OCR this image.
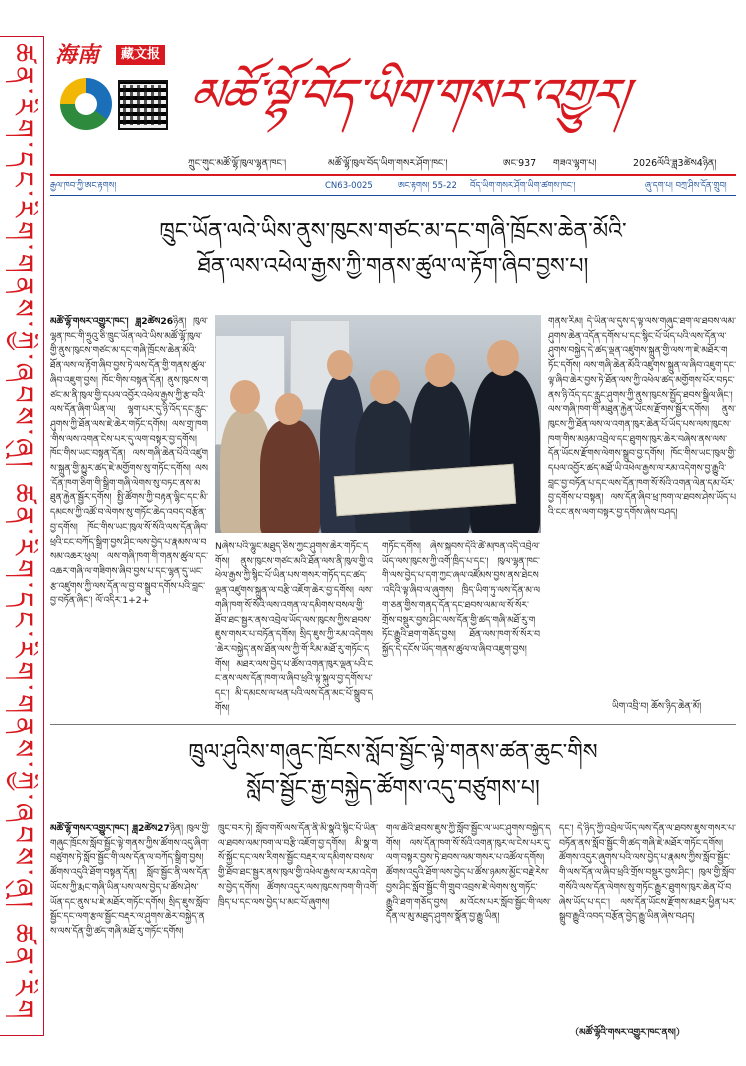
ཚན་རིག་དང་རིག་གནས་ཀྱི་ཞབས་ཞུ། ཚན་རིག་དང་རིག་གནས་ཀྱི་ཞབས་ཞུ། ཚན་རིག 海南	藏文报
མཚོ་ལྷོ་བོད་ཡིག་གསར་འགྱུར།
ཀྲུང་གུང་མཚོ་ལྷོ་ཁུལ་ལྷན་ཁང་།	མཚོ་ལྷོ་ཁུལ་བོད་ཡིག་གསར་ཤོག་ཁང་།	ཨང་937 གཟའ་ལྷག་པ།	2026ལོའི་ཟླ3ཚེས4ཉིན།
རྒྱལ་ཁབ་ཀྱི་ཨང་རྟགས།	CN63-0025	ཨང་རྟགས། 55-22 བོད་ཡིག་གསར་ཤོག་ཡིག་ཚགས་ཁང་།	ཞུ་དག་པ། བཀྲ་ཤིས་དོན་གྲུབ།
ཁྲུང་ཡོན་ལའེ་ཡིས་ནུས་ཁུངས་གཙང་མ་དང་གཞི་ཁྲོངས་ཆེན་མོའི་
ཐོན་ལས་འཕེལ་རྒྱས་ཀྱི་གནས་ཚུལ་ལ་རྟོག་ཞིབ་བྱས་པ།
མཚོ་ལྷོ་གསར་འགྱུར་ཁང་། ཟླ2ཚེས26ཉིན། ཁུལ་ལྷན་ཁང་གི་ཧྲུའུ་ཅི་ཁྲུང་ཡོན་ལའེ་ཡིས་མཚོ་ལྷོ་ཁུལ་གྱི་ནུས་ཁུངས་གཙང་མ་དང་གཞི་ཁྲོངས་ཆེན་མོའི་ཐོན་ལས་ལ་རྟོག་ཞིབ་བྱས་ཏེ་ལས་དོན་གྱི་གནས་ཚུལ་ཞིབ་འཇུག་བྱས། ཁོང་གིས་བསྟན་དོན། ནུས་ཁུངས་གཙང་མ་ནི་ཁུལ་གྱི་དཔལ་འབྱོར་འཕེལ་རྒྱས་ཀྱི་རྩ་བའི་ལས་དོན་ཞིག་ཡིན་ལ། ལྷག་པར་དུ་ཉི་འོད་དང་རླུང་ཤུགས་ཀྱི་ཐོན་ལས་ཇེ་ཆེར་གཏོང་དགོས། ལས་གྲྭ་ཁག་གིས་ལས་འགན་ངེས་པར་དུ་ལག་བསྟར་བྱ་དགོས། ཁོང་གིས་ཡང་བསྟན་དོན། ལས་གཞི་ཆེན་པོའི་འཛུགས་སྐྲུན་གྱི་མྱུར་ཚད་ཇེ་མགྱོགས་སུ་གཏོང་དགོས། ལས་དོན་ཁག་ཅིག་གི་སྒྲིག་གཞི་ལེགས་སུ་བཏང་ནས་མཐུན་རྐྱེན་སྦྱོར་དགོས། སྤྱི་ཚོགས་ཀྱི་བརྟན་ལྷིང་དང་མི་དམངས་ཀྱི་འཚོ་བ་ལེགས་སུ་གཏོང་ཆེད་འབད་བརྩོན་བྱ་དགོས། ཁོང་གིས་ཡང་ཁུལ་སོ་སོའི་ལས་དོན་ཞིབ་ཕྲའི་ངང་བཀོད་སྒྲིག་བྱས་ཤིང་ལས་བྱེད་པ་རྣམས་ལ་བསམ་འཆར་ཕུལ། ལས་གཞི་ཁག་གི་གནས་ཚུལ་དང་འཆར་གཞི་ལ་གཟིགས་ཞིབ་བྱས་པ་དང་ལྷན་དུ་ཡང་རྩ་འཛུགས་ཀྱི་ལས་དོན་ལ་བྱ་བ་སྒྲུབ་དགོས་པའི་བླང་བྱ་བཏོན་ཞིང་། ལོ་འདིར་1+2+
Nཞེས་པའི་ལྷུང་མཐུད་ཅིས་ཀྱང་ཤུགས་ཆེར་གཏོང་དགོས། ནུས་ཁུངས་གཙང་མའི་ཐོན་ལས་ནི་ཁུལ་གྱི་འཕེལ་རྒྱས་ཀྱི་སྙིང་པོ་ཡིན་པས་གསར་གཏོད་དང་ཚད་ལྡན་འཛུགས་སྐྲུན་ལ་བརྩི་འཇོག་ཆེར་བྱ་དགོས། ལས་གཞི་ཁག་སོ་སོའི་ལས་འགན་ལ་དམིགས་བསལ་གྱི་ཐོབ་ཐང་སྦྱར་ནས་འབྲེལ་ཡོད་ལས་ཁུངས་ཀྱིས་ཐབས་ཇུས་གསར་པ་བཏོན་དགོས། སྲིད་ཇུས་ཀྱི་རམ་འདེགས་ཆེར་བསྐྱེད་ནས་ཐོན་ལས་ཀྱི་གོ་རིམ་མཐོ་རུ་གཏོང་དགོས། མཐར་ལས་བྱེད་པ་ཚོས་འགན་ཁུར་ལྡན་པའི་ངང་ནས་ལས་དོན་ཁག་ལ་ཞིབ་ཕྲའི་ལྟ་སྐུལ་བྱ་དགོས་པ་དང་། མི་དམངས་ལ་ཕན་པའི་ལས་དོན་མང་པོ་སྒྲུབ་དགོས།
གཏོང་དགོས། ཞེས་སྐབས་དེའི་ཚེ་མཁན་འདི་འབྲེལ་ཡོད་ལས་ཁུངས་ཀྱི་འགོ་ཁྲིད་པ་དང་། ཁུལ་ལྷན་ཁང་གི་ལས་བྱེད་པ་དག་ཀྱང་ཞལ་འཛོམས་བྱས་ནས་ཐེངས་འདིའི་ལྟ་ཞིབ་ལ་ཞུགས། ཁྲིད་ཡིག་ཏུ་ལས་དོན་མ་ལག་ཅན་གྱིས་གནད་དོན་དང་ཐབས་ལམ་ལ་སོ་སོར་གྲོས་བསྡུར་བྱས་ཤིང་ལས་དོན་གྱི་ཚད་གཞི་མཐོ་རུ་གཏོང་རྒྱུའི་ཐག་གཅོད་བྱས། ཐོན་ལས་ཁག་སོ་སོར་བསྐྱོད་དེ་དངོས་ཡོད་གནས་ཚུལ་ལ་ཞིབ་འཇུག་བྱས།
གནས་རིམ། དེ་ཡིན་ལ་དུས་ད་ལྟ་ལས་གཞུང་ཐག་ལ་ཐབས་ལམ་ཤུགས་ཆེན་འདོན་དགོས་པ་དང་སྙིང་པོ་ཡོད་པའི་ལས་དོན་ལ་ཤུགས་བསྐྱེད་དེ་ཚད་ལྡན་འཛུགས་སྐྲུན་གྱི་ལས་ཀ་ཇེ་མཐོར་གཏོང་དགོས། ལས་གཞི་ཆེན་མོའི་འཛུགས་སྐྲུན་ལ་ཞིབ་འཇུག་དང་ལྟ་ཞིབ་ཆེར་བྱས་ཏེ་ཐོན་ལས་ཀྱི་འཕེལ་ཚད་མགྱོགས་པོར་བཏང་ནས་ཉི་འོད་དང་རླུང་ཤུགས་ཀྱི་ནུས་ཁུངས་སྤྱོད་ཐབས་སྒྲིལ་ཞིང་། ལས་གཞི་ཁག་གི་མཐུན་རྐྱེན་ཡོངས་རྫོགས་སྦྱོར་དགོས། ནུས་ཁུངས་ཀྱི་ཐོན་ལས་ལ་འགན་ཁུར་ཆེན་པོ་ཡོད་པས་ལས་ཁུངས་ཁག་གིས་མཉམ་འབྲེལ་དང་ཐུགས་ཁུར་ཆེར་བཞེས་ནས་ལས་དོན་ཡོངས་རྫོགས་ལེགས་སྒྲུབ་བྱ་དགོས། ཁོང་གིས་ཡང་ཁུལ་གྱི་དཔལ་འབྱོར་ཚད་མཐོ་ཡི་འཕེལ་རྒྱས་ལ་རམ་འདེགས་བྱ་རྒྱུའི་བླང་བྱ་བཏོན་པ་དང་ལས་དོན་ཁག་སོ་སོའི་འགན་ལེན་དམ་པོར་བྱ་དགོས་པ་བསྟན། ལས་དོན་ཞིབ་ཕྲ་ཁག་ལ་ཐབས་ཤེས་ཡོད་པའི་ངང་ནས་ལག་བསྟར་བྱ་དགོས་ཞེས་བཤད།
ཡིག་འབྲི་བ། ཆོས་ཉིད་ཆེན་མོ།
ཁྲུལ་ཤུའིས་གཞུང་ཁྲོངས་སློབ་སྦྱོང་ལྟེ་གནས་ཚན་ཆུང་གིས
སློབ་སྦྱོང་རྒྱ་བསྐྱེད་ཚོགས་འདུ་བཙུགས་པ།
མཚོ་ལྷོ་གསར་འགྱུར་ཁང་། ཟླ2ཚེས27ཉིན། ཁུལ་གྱི་གཞུང་ཁྲོངས་སློབ་སྦྱོང་ལྟེ་གནས་ཀྱིས་ཚོགས་འདུ་ཞིག་བཙུགས་ཏེ་སློབ་སྦྱོང་གི་ལས་དོན་ལ་བཀོད་སྒྲིག་བྱས། ཚོགས་འདུའི་ཐོག་བསྟན་དོན། སློབ་སྦྱོང་ནི་ལས་དོན་ཡོངས་ཀྱི་རྨང་གཞི་ཡིན་པས་ལས་བྱེད་པ་ཚོས་ཤེས་ཡོན་དང་ནུས་པ་ཇེ་མཐོར་གཏོང་དགོས། སྲིད་ཇུས་སློབ་སྦྱོང་དང་ལག་རྩལ་སྦྱོང་བརྡར་ལ་ཤུགས་ཆེར་བསྐྱེད་ནས་ལས་དོན་གྱི་ཚད་གཞི་མཐོ་རུ་གཏོང་དགོས།
ཁྲུང་བར་ཏེ། སློབ་གསོ་ལས་དོན་ནི་མི་སྣའི་སྙིང་པོ་ཡིན་ལ་ཐབས་ལམ་ཁག་ལ་བརྩི་འཇོག་བྱ་དགོས། མི་སྣ་གསོ་སྐྱོང་དང་ལས་རིགས་སྦྱོང་བརྡར་ལ་དམིགས་བསལ་གྱི་ཐོབ་ཐང་སྦྱར་ནས་ཁུལ་གྱི་འཕེལ་རྒྱས་ལ་རམ་འདེགས་བྱེད་དགོས། ཚོགས་འདུར་ལས་ཁུངས་ཁག་གི་འགོ་ཁྲིད་པ་དང་ལས་བྱེད་པ་མང་པོ་ཞུགས།
གལ་ཆེའི་ཐབས་ཇུས་ཀྱི་སློབ་སྦྱོང་ལ་ཡང་ཤུགས་བསྐྱེད་དགོས། ལས་དོན་ཁག་སོ་སོའི་འགན་ཁུར་ལ་ངེས་པར་དུ་ལག་བསྟར་བྱས་ཏེ་ཐབས་ལམ་གསར་པ་འཚོལ་དགོས། ཚོགས་འདུའི་ཐོག་ལས་བྱེད་པ་ཚོས་ཉམས་མྱོང་བརྗེ་རེས་བྱས་ཤིང་སློབ་སྦྱོང་གི་གྲུབ་འབྲས་ཇེ་ལེགས་སུ་གཏོང་རྒྱུའི་ཐག་གཅོད་བྱས། མ་འོངས་པར་སློབ་སྦྱོང་གི་ལས་དོན་ལ་མུ་མཐུད་ཤུགས་སྣོན་བྱ་རྒྱུ་ཡིན།
དང་། དེ་ཉིད་ཀྱི་འབྲེལ་ཡོད་ལས་དོན་ལ་ཐབས་ཇུས་གསར་པ་བཏོན་ནས་སློབ་སྦྱོང་གི་ཚད་གཞི་ཇེ་མཐོར་གཏོང་དགོས། ཚོགས་འདུར་ཞུགས་པའི་ལས་བྱེད་པ་རྣམས་ཀྱིས་སློབ་སྦྱོང་གི་ལས་དོན་ལ་ཞིབ་ཕྲའི་གྲོས་བསྡུར་བྱས་ཤིང་། ཁུལ་གྱི་སློབ་གསོའི་ལས་དོན་ལེགས་སུ་གཏོང་རྒྱུར་ཐུགས་ཁུར་ཆེན་པོ་བཞེས་ཡོད་པ་དང་། ལས་དོན་ཡོངས་རྫོགས་མཐར་ཕྱིན་པར་སྒྲུབ་རྒྱུའི་འབད་བརྩོན་བྱེད་རྒྱུ་ཡིན་ཞེས་བཤད།
（མཚོ་ལྷོའི་གསར་འགྱུར་ཁང་ནས།）
